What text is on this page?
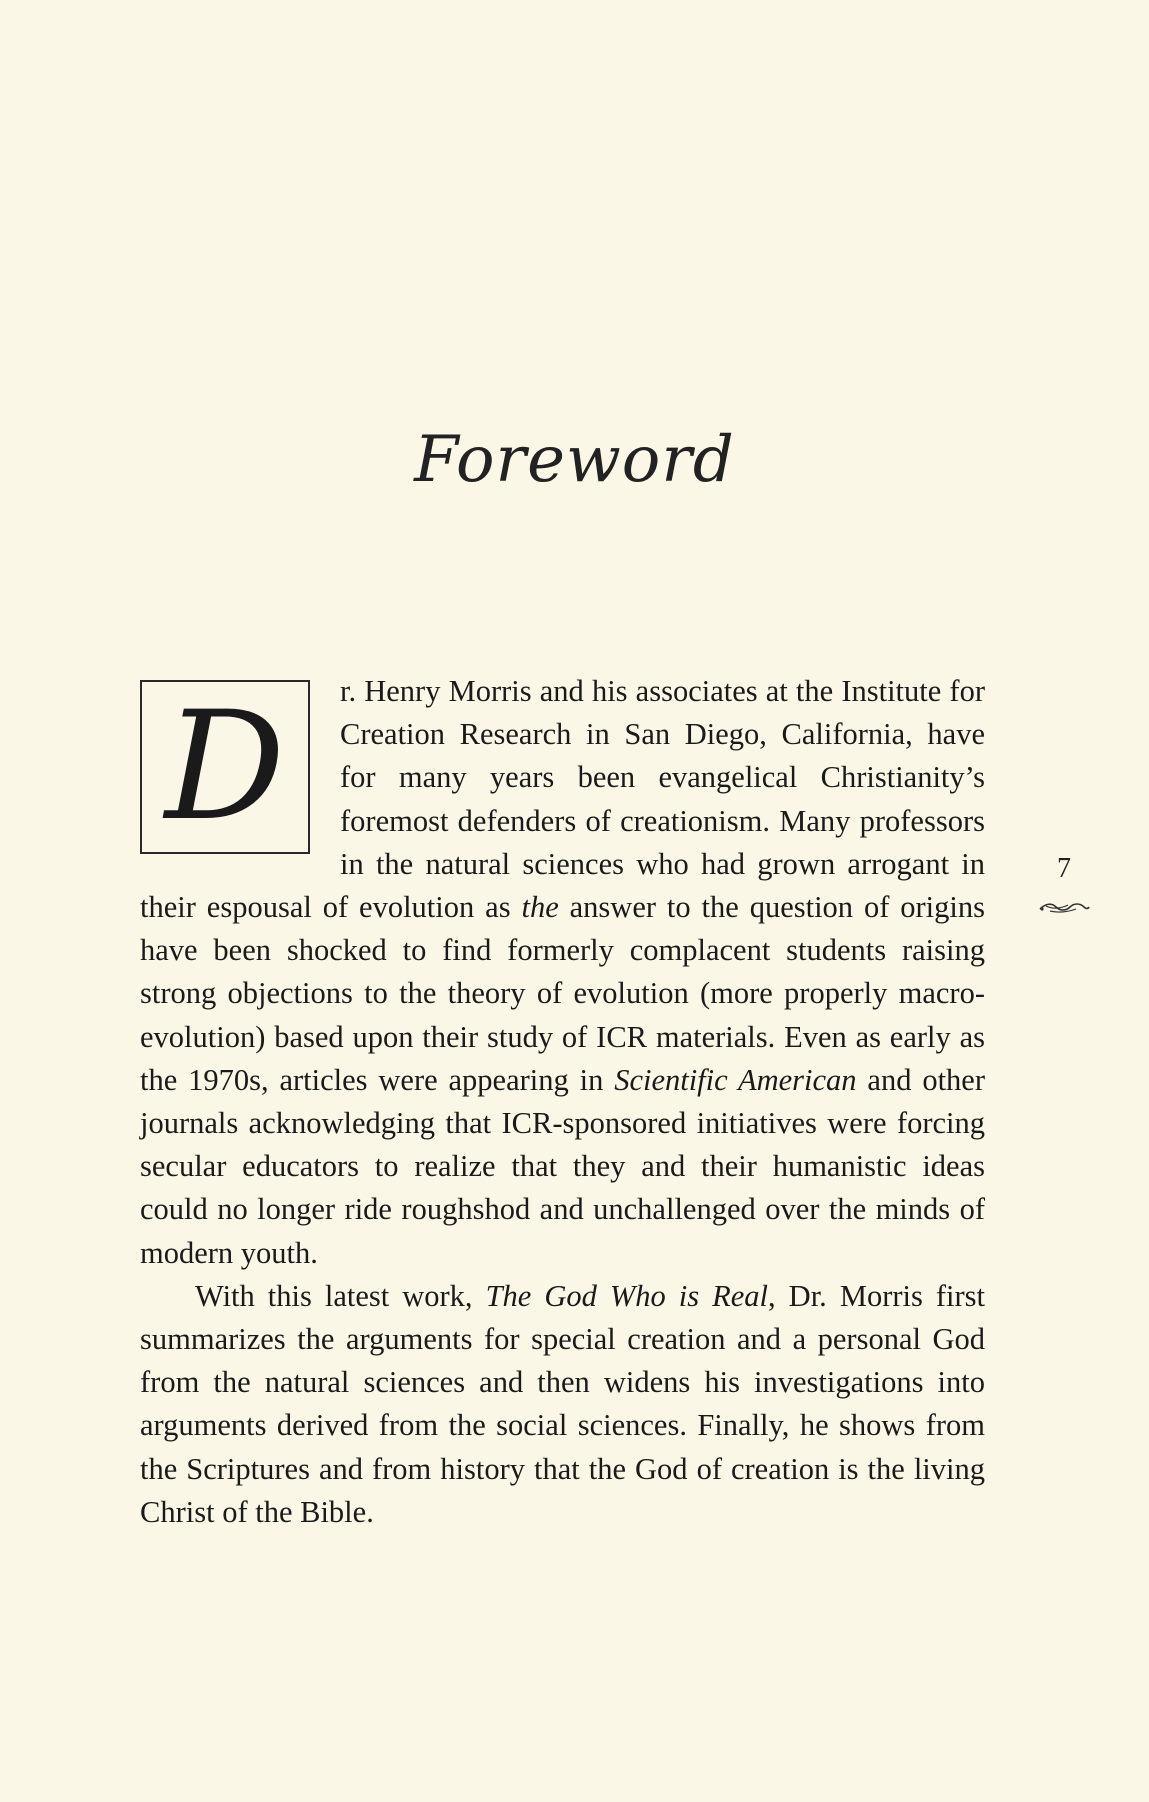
Foreword
D	r. Henry Morris and his associates at the Institute for Creation Research in San Diego, California, have for many years been evangelical Christianity’s foremost defenders of creationism. Many professors in the natural sciences who had grown arrogant in their espousal of evolution as the answer to the question of origins have been shocked to find formerly complacent students raising strong objections to the theory of evolution (more properly macro-evolution) based upon their study of ICR materials. Even as early as the 1970s, articles were appearing in Scientific American and other journals acknowledging that ICR-sponsored initiatives were forcing secular educators to realize that they and their humanistic ideas could no longer ride roughshod and unchallenged over the minds of modern youth.

With this latest work, The God Who is Real, Dr. Morris first summarizes the arguments for special creation and a personal God from the natural sciences and then widens his investigations into arguments derived from the social sciences. Finally, he shows from the Scriptures and from history that the God of creation is the living Christ of the Bible.

7
